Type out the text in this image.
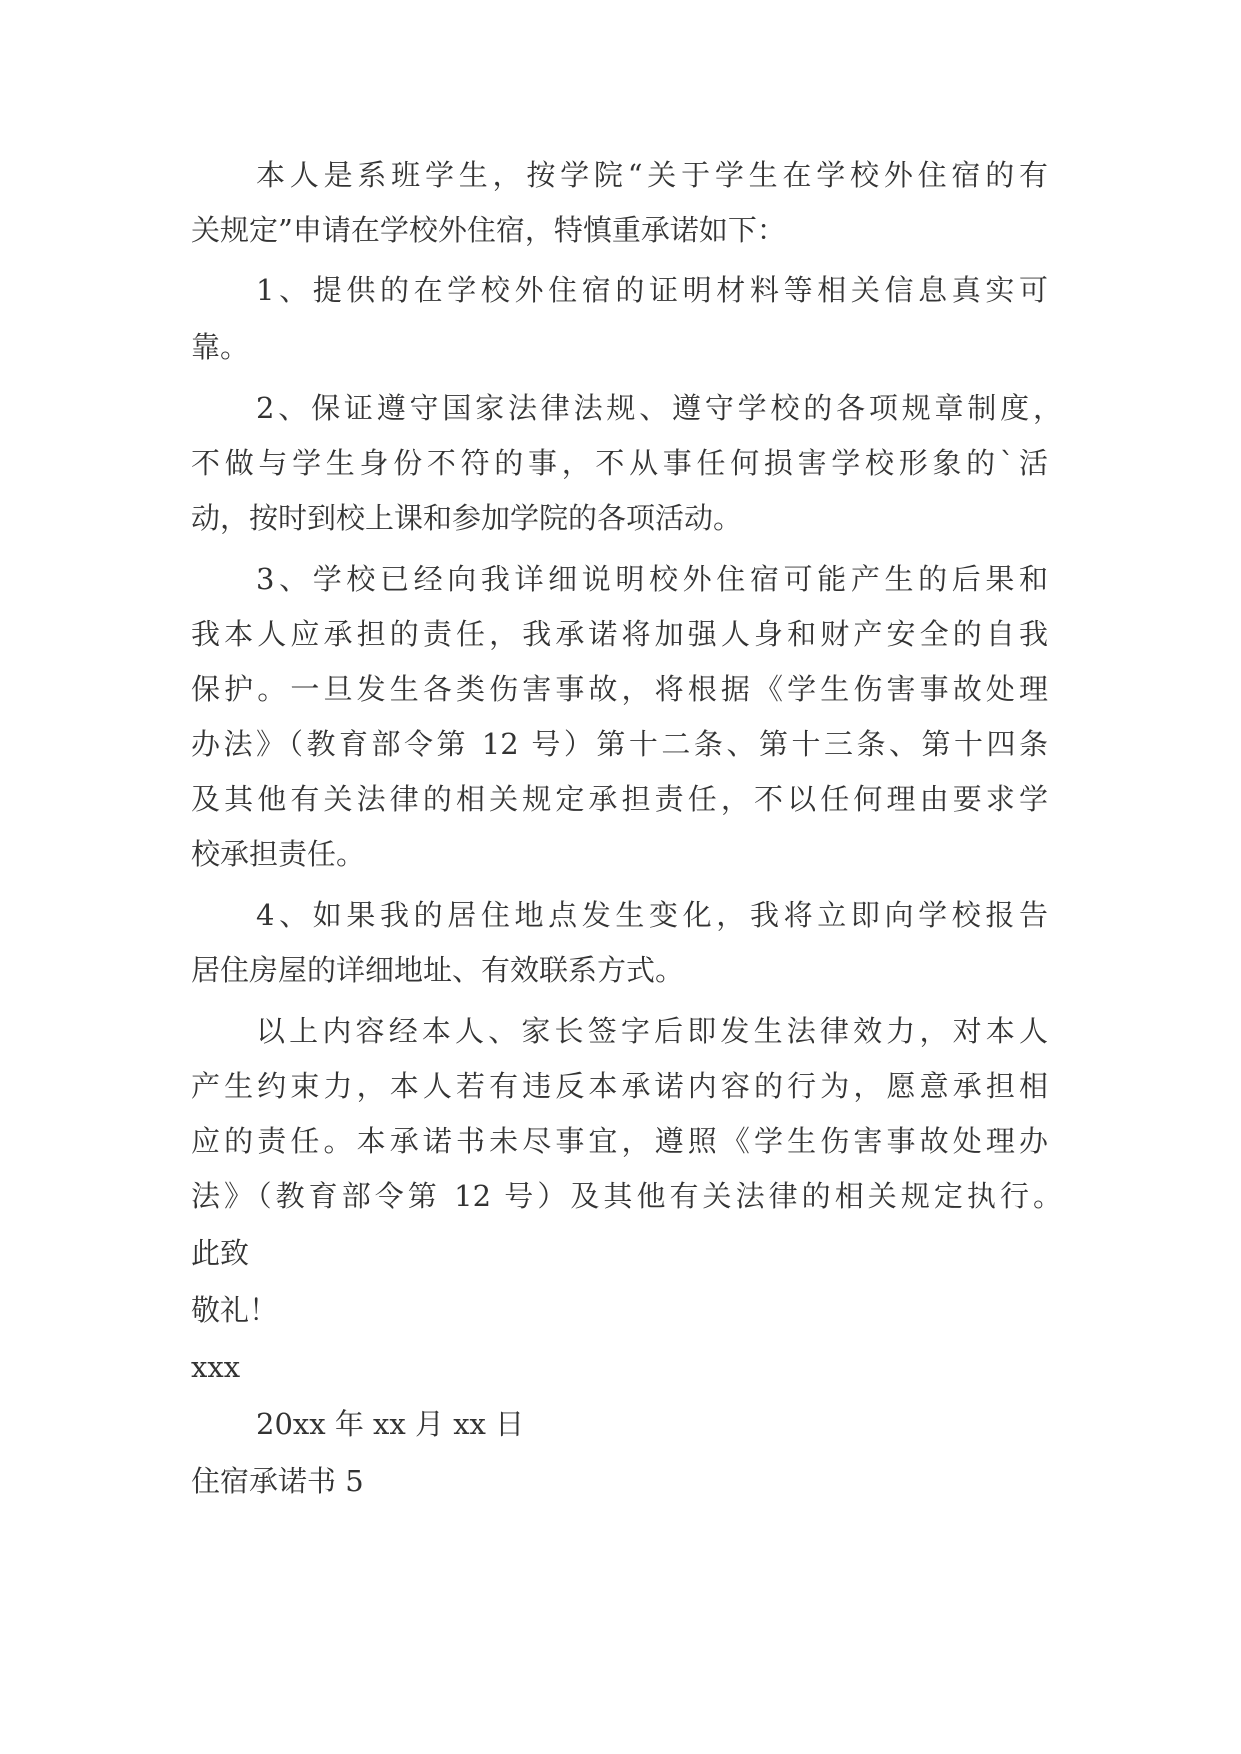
本人是系班学生，按学院“关于学生在学校外住宿的有
关规定”申请在学校外住宿，特慎重承诺如下：
1、提供的在学校外住宿的证明材料等相关信息真实可
靠。
2、保证遵守国家法律法规、遵守学校的各项规章制度，
不做与学生身份不符的事，不从事任何损害学校形象的`活
动，按时到校上课和参加学院的各项活动。
3、学校已经向我详细说明校外住宿可能产生的后果和
我本人应承担的责任，我承诺将加强人身和财产安全的自我
保护。一旦发生各类伤害事故，将根据《学生伤害事故处理
办法》（教育部令第 12 号）第十二条、第十三条、第十四条
及其他有关法律的相关规定承担责任，不以任何理由要求学
校承担责任。
4、如果我的居住地点发生变化，我将立即向学校报告
居住房屋的详细地址、有效联系方式。
以上内容经本人、家长签字后即发生法律效力，对本人
产生约束力，本人若有违反本承诺内容的行为，愿意承担相
应的责任。本承诺书未尽事宜，遵照《学生伤害事故处理办
法》（教育部令第 12 号）及其他有关法律的相关规定执行。
此致
敬礼！
xxx
20xx 年 xx 月 xx 日
住宿承诺书 5
